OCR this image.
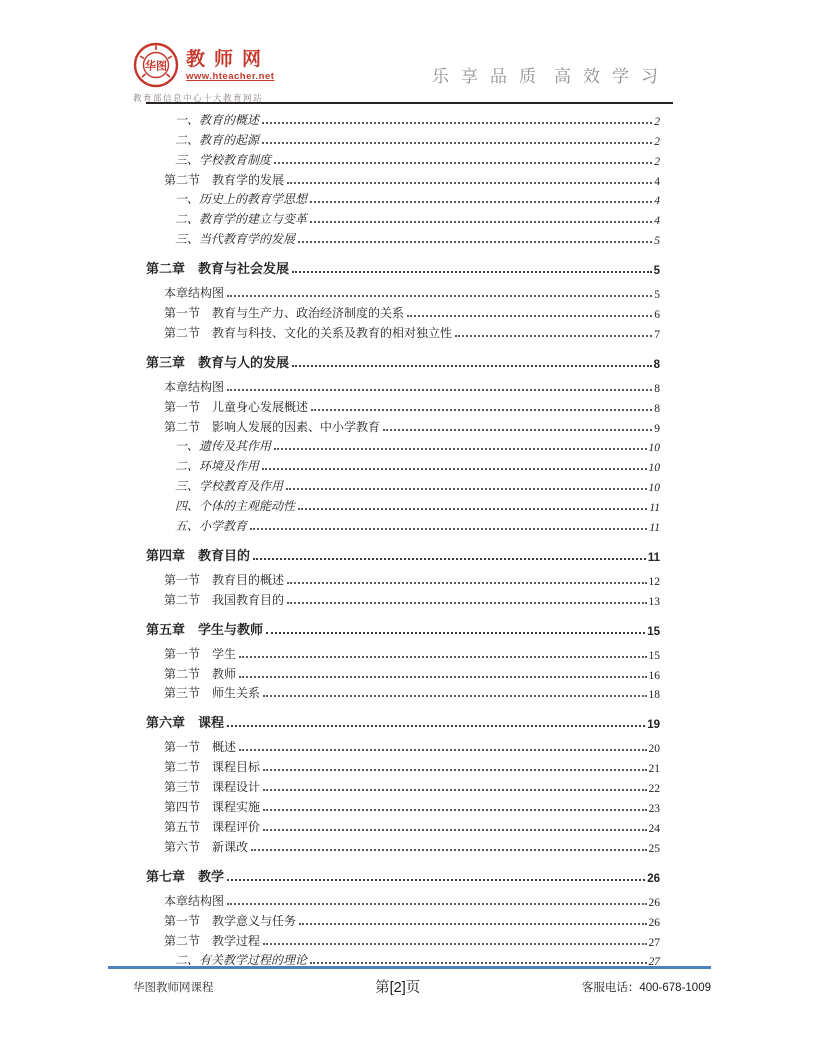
华图 教师网
www.hteacher.net
教育部信息中心十大教育网站
乐享品质 高效学习
一、教育的概述	2
二、教育的起源	2
三、学校教育制度	2
第二节　教育学的发展	4
一、历史上的教育学思想	4
二、教育学的建立与变革	4
三、当代教育学的发展	5
第二章　教育与社会发展	5
本章结构图	5
第一节　教育与生产力、政治经济制度的关系	6
第二节　教育与科技、文化的关系及教育的相对独立性	7
第三章　教育与人的发展	8
本章结构图	8
第一节　儿童身心发展概述	8
第二节　影响人发展的因素、中小学教育	9
一、遗传及其作用	10
二、环境及作用	10
三、学校教育及作用	10
四、个体的主观能动性	11
五、小学教育	11
第四章　教育目的	11
第一节　教育目的概述	12
第二节　我国教育目的	13
第五章　学生与教师	15
第一节　学生	15
第二节　教师	16
第三节　师生关系	18
第六章　课程	19
第一节　概述	20
第二节　课程目标	21
第三节　课程设计	22
第四节　课程实施	23
第五节　课程评价	24
第六节　新课改	25
第七章　教学	26
本章结构图	26
第一节　教学意义与任务	26
第二节　教学过程	27
二、有关教学过程的理论	27
华图教师网课程	第[2]页	客服电话：400-678-1009
